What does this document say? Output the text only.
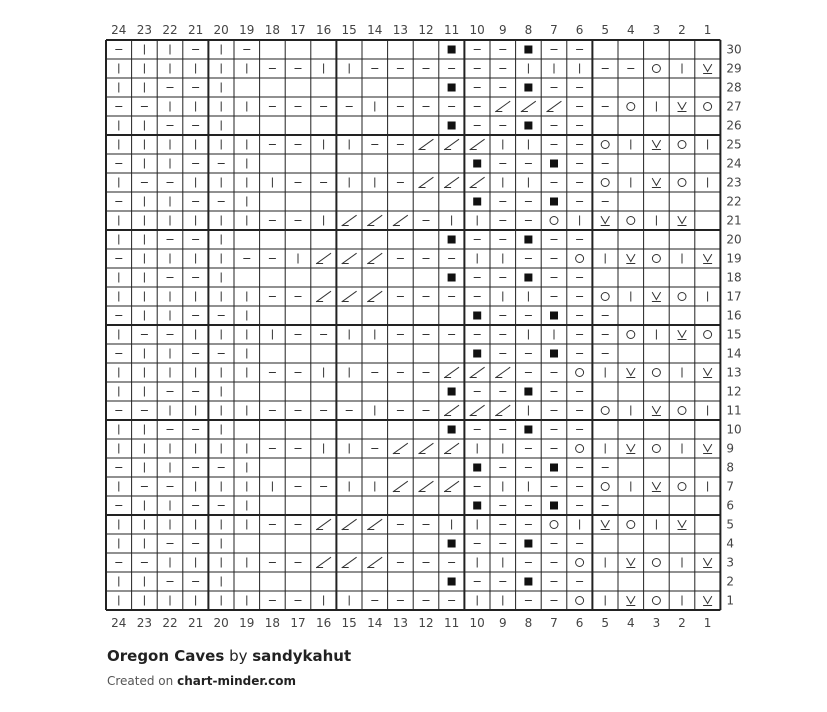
24
24
23
23
22
22
21
21
20
20
19
19
18
18
17
17
16
16
15
15
14
14
13
13
12
12
11
11
10
10
9
9
8
8
7
7
6
6
5
5
4
4
3
3
2
2
1
1
30
29
28
27
26
25
24
23
22
21
20
19
18
17
16
15
14
13
12
11
10
9
8
7
6
5
4
3
2
1
Oregon Caves by sandykahut
Created on chart-minder.com
